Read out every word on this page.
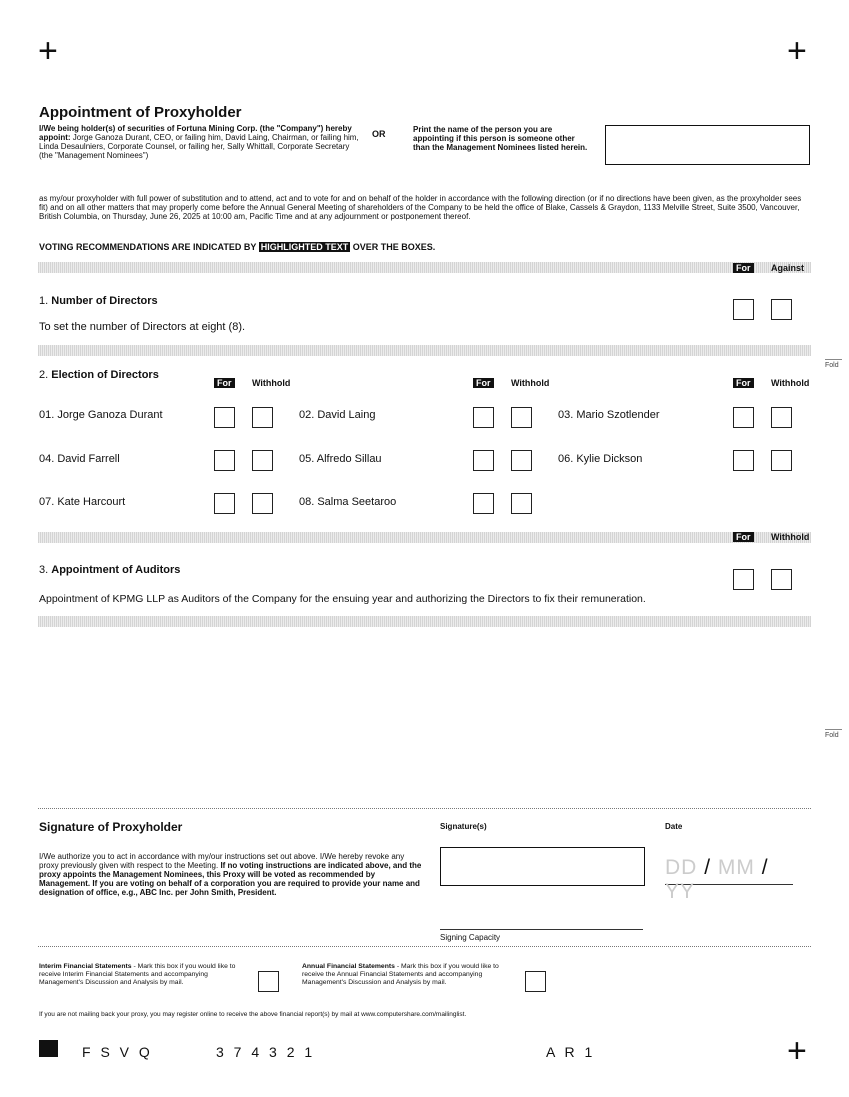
+	+
+
Appointment of Proxyholder
I/We being holder(s) of securities of Fortuna Mining Corp. (the "Company") hereby appoint: Jorge Ganoza Durant, CEO, or failing him, David Laing, Chairman, or failing him, Linda Desaulniers, Corporate Counsel, or failing her, Sally Whittall, Corporate Secretary (the "Management Nominees")
OR	Print the name of the person you are appointing if this person is someone other than the Management Nominees listed herein.
as my/our proxyholder with full power of substitution and to attend, act and to vote for and on behalf of the holder in accordance with the following direction (or if no directions have been given, as the proxyholder sees fit) and on all other matters that may properly come before the Annual General Meeting of shareholders of the Company to be held the office of Blake, Cassels & Graydon, 1133 Melville Street, Suite 3500, Vancouver, British Columbia, on Thursday, June 26, 2025 at 10:00 am, Pacific Time and at any adjournment or postponement thereof.
VOTING RECOMMENDATIONS ARE INDICATED BY HIGHLIGHTED TEXT OVER THE BOXES.
For	Against
1. Number of Directors
To set the number of Directors at eight (8).
2. Election of Directors
For	Withhold	For	Withhold	For	Withhold
01. Jorge Ganoza Durant	02. David Laing	03. Mario Szotlender
04. David Farrell	05. Alfredo Sillau	06. Kylie Dickson
07. Kate Harcourt	08. Salma Seetaroo
For	Withhold
3. Appointment of Auditors
Appointment of KPMG LLP as Auditors of the Company for the ensuing year and authorizing the Directors to fix their remuneration.
Fold
Fold
Signature of Proxyholder
I/We authorize you to act in accordance with my/our instructions set out above. I/We hereby revoke any proxy previously given with respect to the Meeting. If no voting instructions are indicated above, and the proxy appoints the Management Nominees, this Proxy will be voted as recommended by Management. If you are voting on behalf of a corporation you are required to provide your name and designation of office, e.g., ABC Inc. per John Smith, President.
Signature(s)	Date
DD / MM / YY
Signing Capacity
Interim Financial Statements - Mark this box if you would like to receive Interim Financial Statements and accompanying Management's Discussion and Analysis by mail.
Annual Financial Statements - Mark this box if you would like to receive the Annual Financial Statements and accompanying Management's Discussion and Analysis by mail.
If you are not mailing back your proxy, you may register online to receive the above financial report(s) by mail at www.computershare.com/mailinglist.
F S V Q	3 7 4 3 2 1	A R 1
